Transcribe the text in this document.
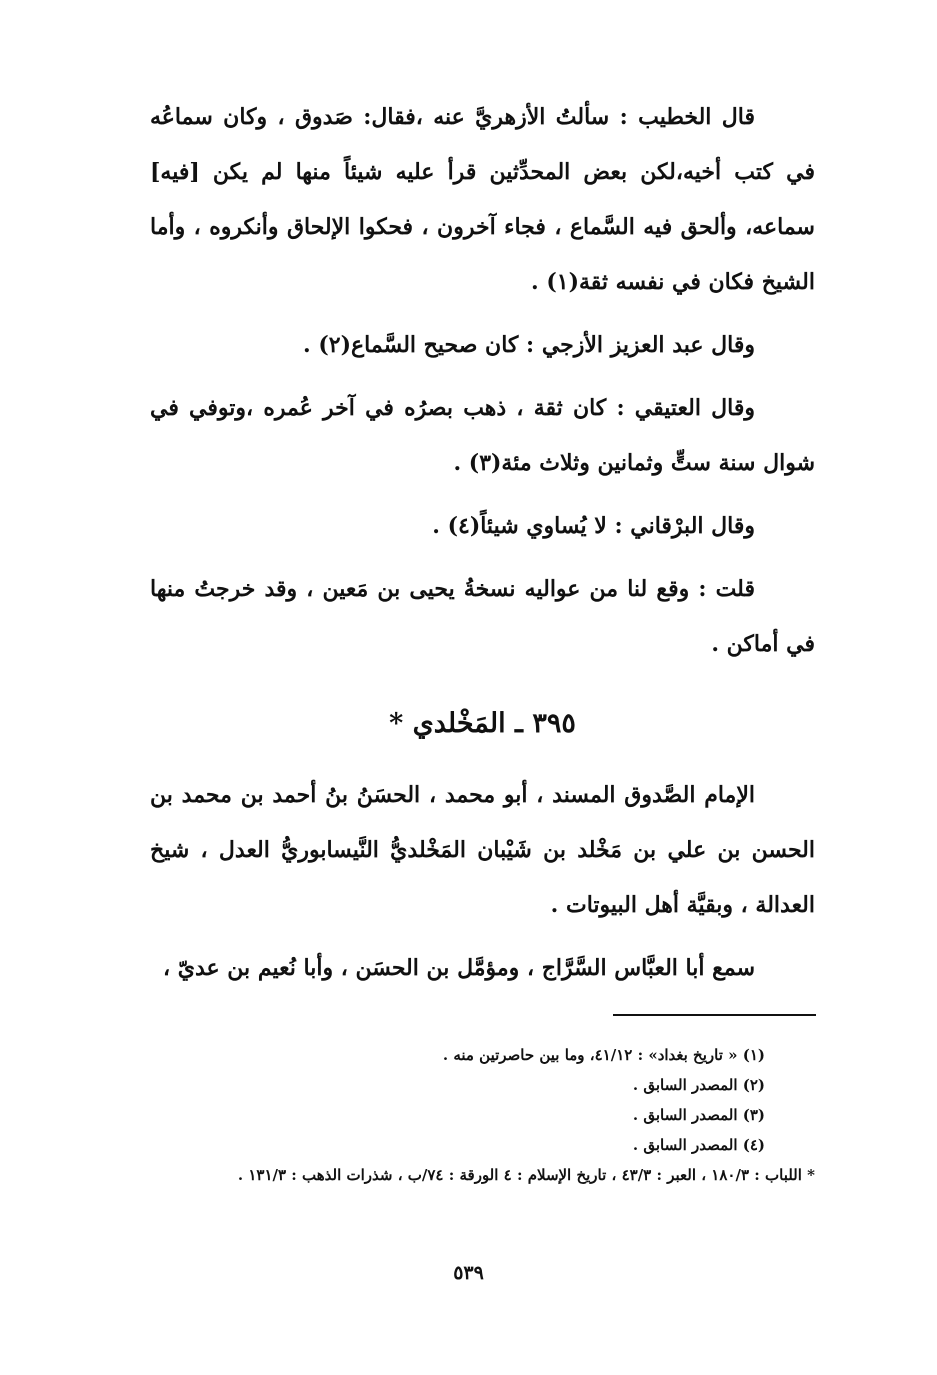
قال الخطيب : سألتُ الأزهريَّ عنه ،فقال: صَدوق ، وكان سماعُه في كتب أخيه،لكن بعض المحدِّثين قرأ عليه شيئاً منها لم يكن [فيه] سماعه، وألحق فيه السَّماع ، فجاء آخرون ، فحكوا الإلحاق وأنكروه ، وأما الشيخ فكان في نفسه ثقة(١) .

وقال عبد العزيز الأزجي : كان صحيح السَّماع(٢) .

وقال العتيقي : كان ثقة ، ذهب بصرُه في آخر عُمره ،وتوفي في شوال سنة ستٍّ وثمانين وثلاث مئة(٣) .

وقال البرْقاني : لا يُساوي شيئاً(٤) .

قلت : وقع لنا من عواليه نسخةُ يحيى بن مَعين ، وقد خرجتُ منها في أماكن .

٣٩٥ ـ المَخْلدي *

الإمام الصَّدوق المسند ، أبو محمد ، الحسَنُ بنُ أحمد بن محمد بن الحسن بن علي بن مَخْلد بن شَيْبان المَخْلديُّ النَّيسابوريُّ العدل ، شيخ العدالة ، وبقيَّة أهل البيوتات .

سمع أبا العبَّاس السَّرَّاج ، ومؤمَّل بن الحسَن ، وأبا نُعيم بن عديّ ،

(١) « تاريخ بغداد» : ٤١/١٢، وما بين حاصرتين منه .

(٢) المصدر السابق .

(٣) المصدر السابق .

(٤) المصدر السابق .

* اللباب : ١٨٠/٣ ، العبر : ٤٣/٣ ، تاريخ الإسلام : ٤ الورقة : ٧٤/ب ، شذرات الذهب : ١٣١/٣ .

٥٣٩
